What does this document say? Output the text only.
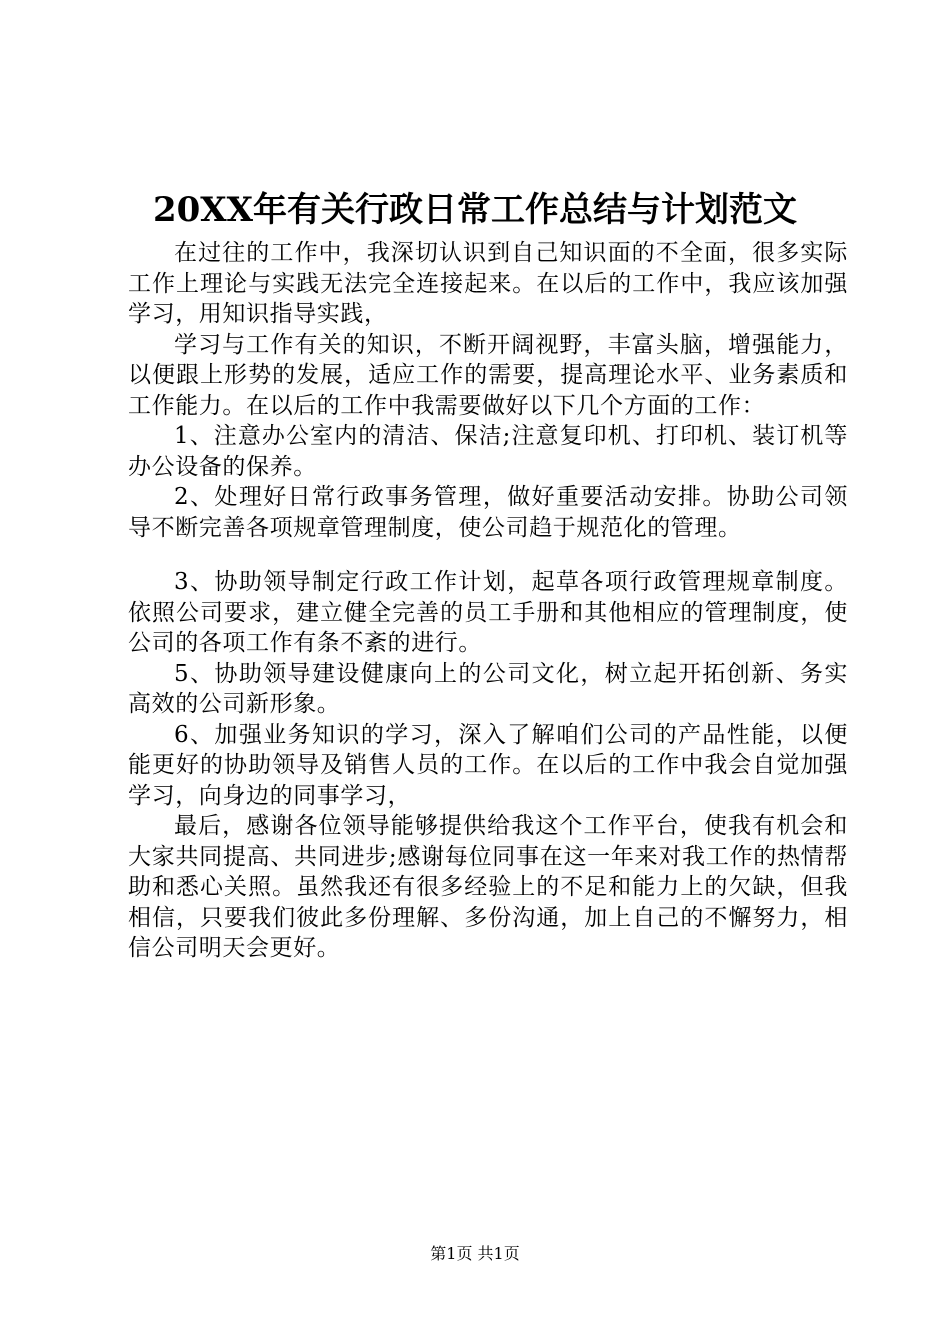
20XX年有关行政日常工作总结与计划范文

在过往的工作中，我深切认识到自己知识面的不全面，很多实际工作上理论与实践无法完全连接起来。在以后的工作中，我应该加强学习，用知识指导实践，

学习与工作有关的知识，不断开阔视野，丰富头脑，增强能力，以便跟上形势的发展，适应工作的需要，提高理论水平、业务素质和工作能力。在以后的工作中我需要做好以下几个方面的工作：

1、注意办公室内的清洁、保洁;注意复印机、打印机、装订机等办公设备的保养。

2、处理好日常行政事务管理，做好重要活动安排。协助公司领导不断完善各项规章管理制度，使公司趋于规范化的管理。

3、协助领导制定行政工作计划，起草各项行政管理规章制度。依照公司要求，建立健全完善的员工手册和其他相应的管理制度，使公司的各项工作有条不紊的进行。

5、协助领导建设健康向上的公司文化，树立起开拓创新、务实高效的公司新形象。

6、加强业务知识的学习，深入了解咱们公司的产品性能，以便能更好的协助领导及销售人员的工作。在以后的工作中我会自觉加强学习，向身边的同事学习，

最后，感谢各位领导能够提供给我这个工作平台，使我有机会和大家共同提高、共同进步;感谢每位同事在这一年来对我工作的热情帮助和悉心关照。虽然我还有很多经验上的不足和能力上的欠缺，但我相信，只要我们彼此多份理解、多份沟通，加上自己的不懈努力，相信公司明天会更好。

第1页 共1页
